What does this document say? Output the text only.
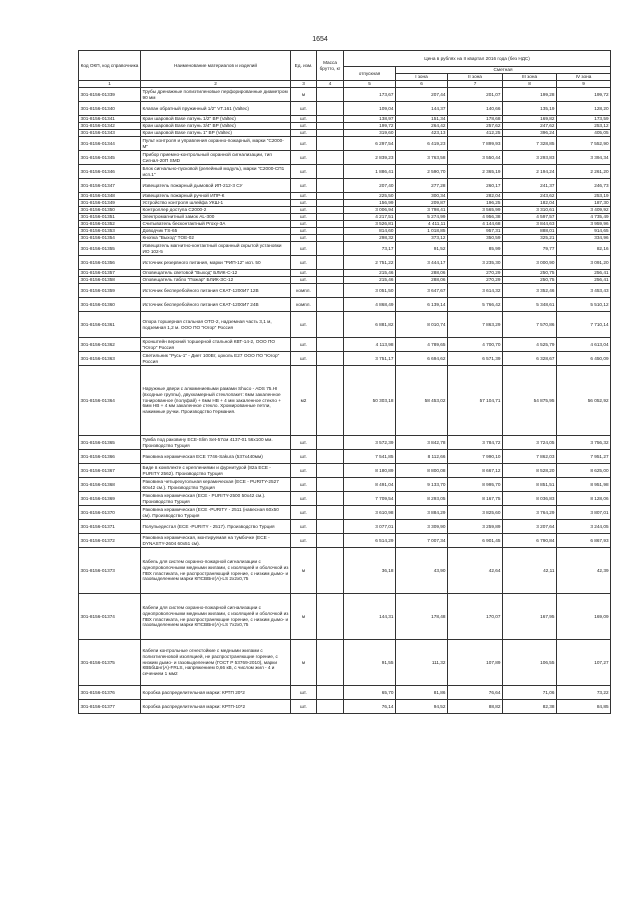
1654
Код ОКП, код справочника	Наименование материалов и изделий	Ед. изм.	Масса брутто, кг	Цена в рублях на II квартал 2016 года (без НДС)				
				отпускная	Сметная			
					I зона	II зона	III зона	IV зона
1	2	3	4	5	6	7	8	9
301-8156-01339	Трубы дренажные полиэтиленовые перфорированные диаметром 90 мм	м		173,67	207,44	201,07	199,28	199,72
301-8156-01340	Клапан обратный пружинный 1/2" VT.161 (Valtec)	шт.		109,04	144,37	140,66	135,19	128,20
301-8156-01341	Кран шаровой Base латунь 1/2" ВР (Valtec)	шт.		138,97	151,34	178,68	169,82	173,59
301-8156-01342	Кран шаровой Base латунь 3/4" ВР (Valtec)	шт.		199,72	264,42	257,62	247,62	253,12
301-8156-01343	Кран шаровой Base латунь 1" ВР (Valtec)	шт.		319,60	423,13	412,25	396,24	405,05
301-8156-01344	Пульт контроля и управления охранно-пожарный, марки "С2000-М"	шт.		6 297,54	6 419,23	7 899,93	7 328,85	7 552,90
301-8156-01345	Прибор приемно-контрольный охранной сигнализации, тип Сигнал-20П SMD	шт.		2 839,23	3 763,58	3 550,44	3 293,83	3 394,34
301-8156-01346	Блок сигнально-пусковой (релейный модуль), марки "С2000-СП1 исп.1"	шт.		1 886,41	2 590,70	2 365,19	2 194,24	2 261,20
301-8156-01347	Извещатель пожарный дымовой ИП-212-3 СУ	шт.		207,40	277,28	260,17	241,37	246,73
301-8156-01348	Извещатель пожарный ручной ИПР-К	шт.		225,50	300,34	282,04	243,62	253,19
301-8156-01349	Устройство контроля шлейфа УКШ-1	шт.		156,99	209,87	196,25	182,04	187,30
301-8156-01350	Контроллер доступа С2000-2	шт.		3 006,94	3 798,41	3 565,99	3 310,61	3 409,92
301-8156-01351	Электромагнитный замок AL-300	шт.		4 217,51	5 274,99	4 956,38	4 597,57	4 735,49
301-8156-01352	Считыватель бесконтактный Proxy-3A	шт.		3 526,81	4 411,11	4 144,68	3 844,63	3 959,96
301-8156-01353	Доводчик TS-65	шт.		814,60	1 018,85	957,31	888,01	914,65
301-8156-01354	Кнопка "Выход" TOE-02	шт.		298,32	373,12	350,59	325,21	334,96
301-8156-01355	Извещатель магнитно-контактный охранный скрытой установки ИО 102-5	шт.		73,17	91,52	85,99	79,77	82,16
301-8156-01356	Источник резервного питания, марки "РИП-12" исп. 50	шт.		2 751,22	3 444,17	3 235,30	3 000,90	3 091,20
301-8156-01357	Оповещатель световой "Выход" БЛИК-С-12	шт.		215,46	288,06	270,29	250,75	256,41
301-8156-01358	Оповещатель табло "Пожар" БЛИК-ЗС-12	шт.		215,46	288,06	270,29	250,75	256,41
301-8156-01359	Источник бесперебойного питания СКАТ-1200И7 12В	компл.		3 051,50	3 647,67	3 614,32	3 352,46	3 453,43
301-8156-01360	Источник бесперебойного питания СКАТ-1200И7 24В	компл.		4 868,49	6 139,14	5 766,42	5 348,61	5 510,12
301-8156-01361	Опора торшерная стальная ОТО-2, надземная часть 3,1 м, подземная 1,2 м. ООО ПО "Югор" Россия	шт.		6 881,82	8 010,74	7 863,29	7 570,86	7 710,14
301-8156-01362	Кронштейн верхний торшерной стальной КВТ-14-2, ООО ПО "Югор" Россия	шт.		4 113,98	4 789,65	4 700,70	4 525,79	4 613,04
301-8156-01363	Светильник "Русь-1" - Диет 100Вт, цоколь Е27 ООО ПО "Югор" Россия	шт.		3 751,17	6 694,62	6 571,39	6 328,67	6 450,09
301-8156-01364	Наружные двери с алюминиевыми рамами Shuco - ADS 75.HI (входные группы), двухкамерный стеклопакет: 6мм закаленное тонированное (полуфай) + 6мм НВ + 4 мм закаленное стекло + 6мм НВ + 4 мм закаленное стекло. Хромированные петли, нажимные ручки. Производство Германия.	м2		50 303,18	58 453,02	57 104,71	54 875,95	56 052,92
301-8156-01365	Тумба под раковину ECE-Slim Set-57см 4137-01 56х100 мм. Производство Турция	шт.		3 572,39	3 842,78	3 784,72	3 724,05	3 756,32
301-8156-01366	Раковина керамическая ECE 7746-Sakura (537х440мм)	шт.		7 541,85	8 112,66	7 990,10	7 862,03	7 951,27
301-8156-01367	Биде в комплекте с креплениями и фурнитурой (82а ECE - PURITY 2562). Производство Турция	шт.		8 180,89	8 800,08	8 667,12	8 528,20	8 625,00
301-8156-01368	Раковина четырехугольная керамическая (ECE - PURITY-2527 60х42 см.). Производство Турция	шт.		8 491,04	9 133,70	8 995,70	8 851,51	8 951,98
301-8156-01369	Раковина керамическая (ECE - PURITY-2500 50х42 см.). Производство Турция	шт.		7 709,54	8 293,05	8 167,75	8 036,83	8 128,06
301-8156-01370	Раковина керамическая (ECE -PURITY - 2511 (навесная 60х50 см). Производство Турция	шт.		3 610,98	3 884,29	3 825,60	3 764,29	3 807,01
301-8156-01371	Полупьедестал (ECE -PURITY - 2517). Производство Турция	шт.		3 077,01	3 309,90	3 259,89	3 207,64	3 244,05
301-8156-01372	Раковина керамическая, монтируемая на тумбочке (ECE - DYNASTY-2604 60х51 см).	шт.		6 514,29	7 007,34	6 901,45	6 790,84	6 867,93
301-8156-01373	Кабель для систем охранно-пожарной сигнализации с однопроволочными медными жилами, с изоляцией и оболочкой из ПВХ пластиката, не распространяющий горение, с низким дымо- и газовыделением марки КПСВВнг(А)-LS 2х2х0,75	м		36,18	43,90	42,64	42,11	42,39
301-8156-01374	Кабели для систем охранно-пожарной сигнализации с однопроволочными медными жилами, с изоляцией и оболочкой из ПВХ пластиката, не распространяющие горение, с низким дымо- и газовыделением марки КПСВВнг(А)-LS 7х2х0,75	м		144,31	178,48	170,07	167,95	169,09
301-8156-01375	Кабели контрольные огнестойкие с медными жилами с полиэтиленовой изоляцией, не распространяющие горение, с низким дымо- и газовыделением (ГОСТ Р 53769-2010), марки КВБбШнг(А)-FRLS, напряжением 0,66 кВ, с числом жил - 4 и сечением 1 мм2	м		91,55	111,32	107,89	106,55	107,27
301-8156-01376	Коробка распределительная марки: КРТП 20*2	шт.		65,70	81,86	76,64	71,06	73,22
301-8156-01377	Коробка распределительная марки: КРТП-10*2	шт.		76,14	94,52	88,82	82,38	84,85
